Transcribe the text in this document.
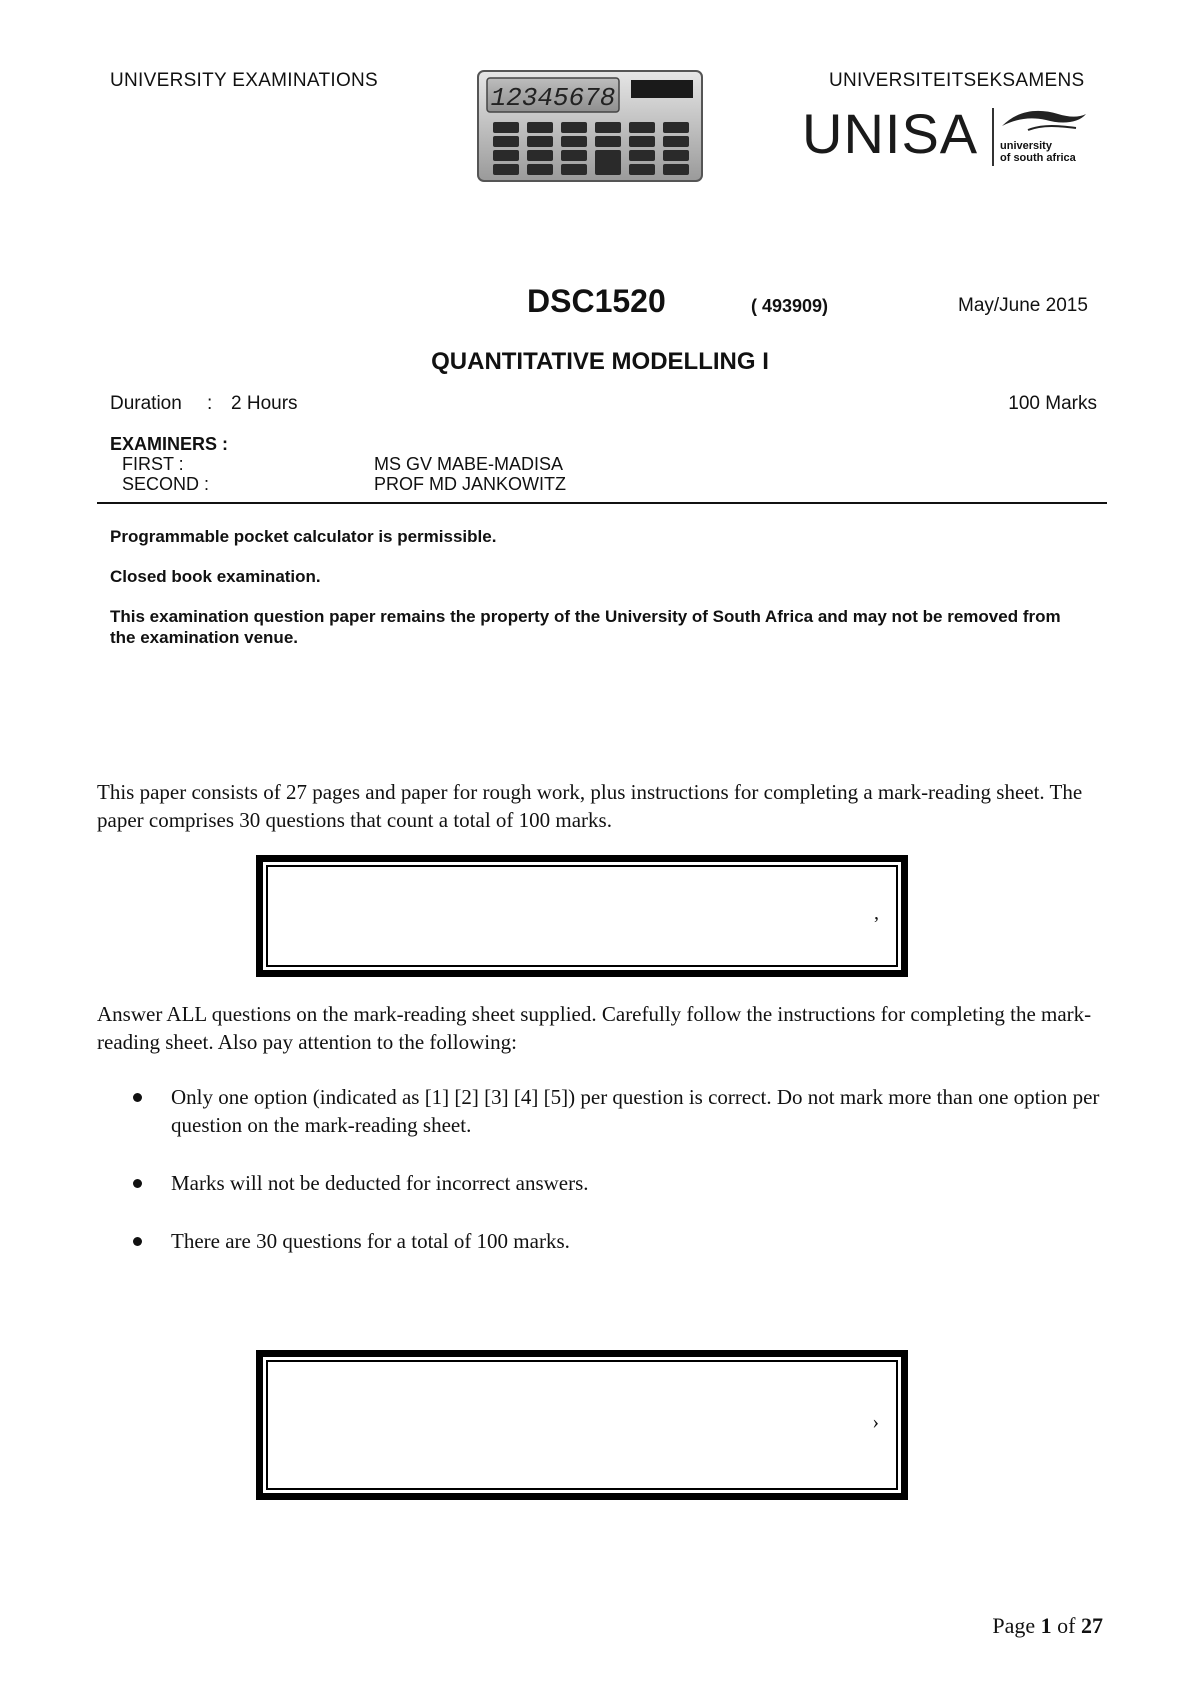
UNIVERSITY EXAMINATIONS	UNIVERSITEITSEKSAMENS
12345678
UNISA university
of south africa
DSC1520	( 493909)	May/June 2015
QUANTITATIVE MODELLING I
Duration : 2 Hours	100 Marks
EXAMINERS :
FIRST :	MS GV MABE-MADISA
SECOND :	PROF MD JANKOWITZ
Programmable pocket calculator is permissible.
Closed book examination.
This examination question paper remains the property of the University of South Africa and may not be removed from the examination venue.
This paper consists of 27 pages and paper for rough work, plus instructions for completing a mark-reading sheet. The paper comprises 30 questions that count a total of 100 marks.
,
Answer ALL questions on the mark-reading sheet supplied. Carefully follow the instructions for completing the mark-reading sheet. Also pay attention to the following:
Only one option (indicated as [1] [2] [3] [4] [5]) per question is correct. Do not mark more than one option per question on the mark-reading sheet.
Marks will not be deducted for incorrect answers.
There are 30 questions for a total of 100 marks.
›
Page 1 of 27
